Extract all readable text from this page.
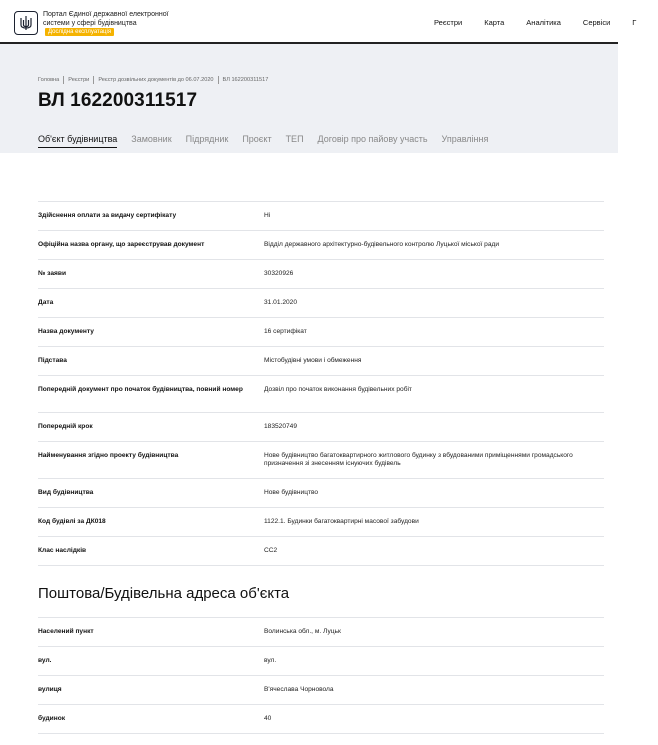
Портал Єдиної державної електронної системи у сфері будівництваДослідна експлуатація
Реєстри	Карта	Аналітика	Сервіси	Г
Головна Реєстри Реєстр дозвільних документів до 06.07.2020 ВЛ 162200311517
ВЛ 162200311517
Об'єкт будівництва Замовник Підрядник Проєкт ТЕП Договір про пайову участь Управління
Здійснення оплати за видачу сертифікату	Ні
Офіційна назва органу, що зареєстрував документ	Відділ державного архітектурно-будівельного контролю Луцької міської ради
№ заяви	30320926
Дата	31.01.2020
Назва документу	16 сертифікат
Підстава	Містобудівні умови і обмеження
Попередній документ про початок будівництва, повний номер	Дозвіл про початок виконання будівельних робіт
Попередній крок	183520749
Найменування згідно проекту будівництва	Нове будівництво багатоквартирного житлового будинку з вбудованими приміщеннями громадського призначення зі знесенням існуючих будівель
Вид будівництва	Нове будівництво
Код будівлі за ДК018	1122.1. Будинки багатоквартирні масової забудови
Клас наслідків	СС2
Поштова/Будівельна адреса об'єкта
Населений пункт	Волинська обл., м. Луцьк
вул.	вул.
вулиця	В'ячеслава Чорновола
будинок	40
